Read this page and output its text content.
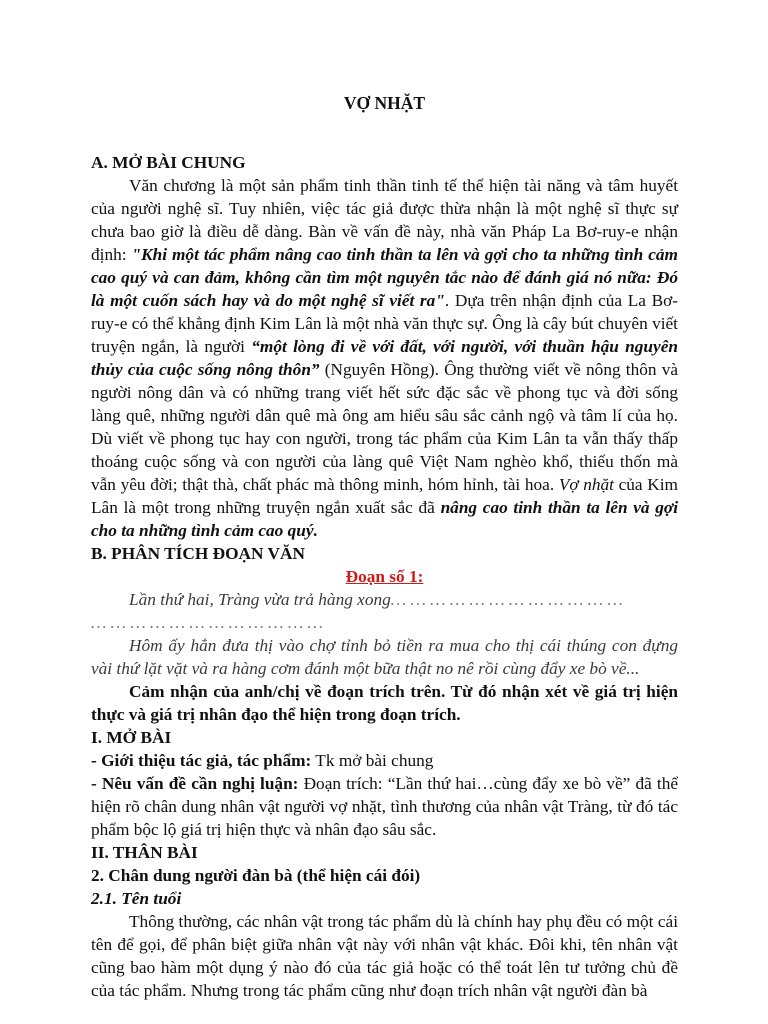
VỢ NHẶT

A. MỞ BÀI CHUNG

Văn chương là một sản phẩm tinh thần tinh tế thể hiện tài năng và tâm huyết của người nghệ sĩ. Tuy nhiên, việc tác giả được thừa nhận là một nghệ sĩ thực sự chưa bao giờ là điều dễ dàng. Bàn về vấn đề này, nhà văn Pháp La Bơ-ruy-e nhận định: "Khi một tác phẩm nâng cao tinh thần ta lên và gợi cho ta những tình cảm cao quý và can đảm, không cần tìm một nguyên tắc nào để đánh giá nó nữa: Đó là một cuốn sách hay và do một nghệ sĩ viết ra". Dựa trên nhận định của La Bơ-ruy-e có thể khẳng định Kim Lân là một nhà văn thực sự. Ông là cây bút chuyên viết truyện ngắn, là người “một lòng đi về với đất, với người, với thuần hậu nguyên thủy của cuộc sống nông thôn” (Nguyên Hồng). Ông thường viết về nông thôn và người nông dân và có những trang viết hết sức đặc sắc về phong tục và đời sống làng quê, những người dân quê mà ông am hiểu sâu sắc cảnh ngộ và tâm lí của họ. Dù viết về phong tục hay con người, trong tác phẩm của Kim Lân ta vẫn thấy thấp thoáng cuộc sống và con người của làng quê Việt Nam nghèo khổ, thiếu thốn mà vẫn yêu đời; thật thà, chất phác mà thông minh, hóm hỉnh, tài hoa. Vợ nhặt của Kim Lân là một trong những truyện ngắn xuất sắc đã nâng cao tinh thần ta lên và gợi cho ta những tình cảm cao quý.

B. PHÂN TÍCH ĐOẠN VĂN

Đoạn số 1:

Lần thứ hai, Tràng vừa trả hàng xong… … … … … … … … … … … …

… … … … … … … … … … … …

Hôm ấy hắn đưa thị vào chợ tỉnh bỏ tiền ra mua cho thị cái thúng con đựng vài thứ lặt vặt và ra hàng cơm đánh một bữa thật no nê rồi cùng đẩy xe bò về...

Cảm nhận của anh/chị về đoạn trích trên. Từ đó nhận xét về giá trị hiện thực và giá trị nhân đạo thể hiện trong đoạn trích.

I. MỞ BÀI

- Giới thiệu tác giả, tác phẩm: Tk mở bài chung

- Nêu vấn đề cần nghị luận: Đoạn trích: “Lần thứ hai…cùng đẩy xe bò về” đã thể hiện rõ chân dung nhân vật người vợ nhặt, tình thương của nhân vật Tràng, từ đó tác phẩm bộc lộ giá trị hiện thực và nhân đạo sâu sắc.

II. THÂN BÀI

2. Chân dung người đàn bà (thể hiện cái đói)

2.1. Tên tuổi

Thông thường, các nhân vật trong tác phẩm dù là chính hay phụ đều có một cái tên để gọi, để phân biệt giữa nhân vật này với nhân vật khác. Đôi khi, tên nhân vật cũng bao hàm một dụng ý nào đó của tác giả hoặc có thể toát lên tư tưởng chủ đề của tác phẩm. Nhưng trong tác phẩm cũng như đoạn trích nhân vật người đàn bà
